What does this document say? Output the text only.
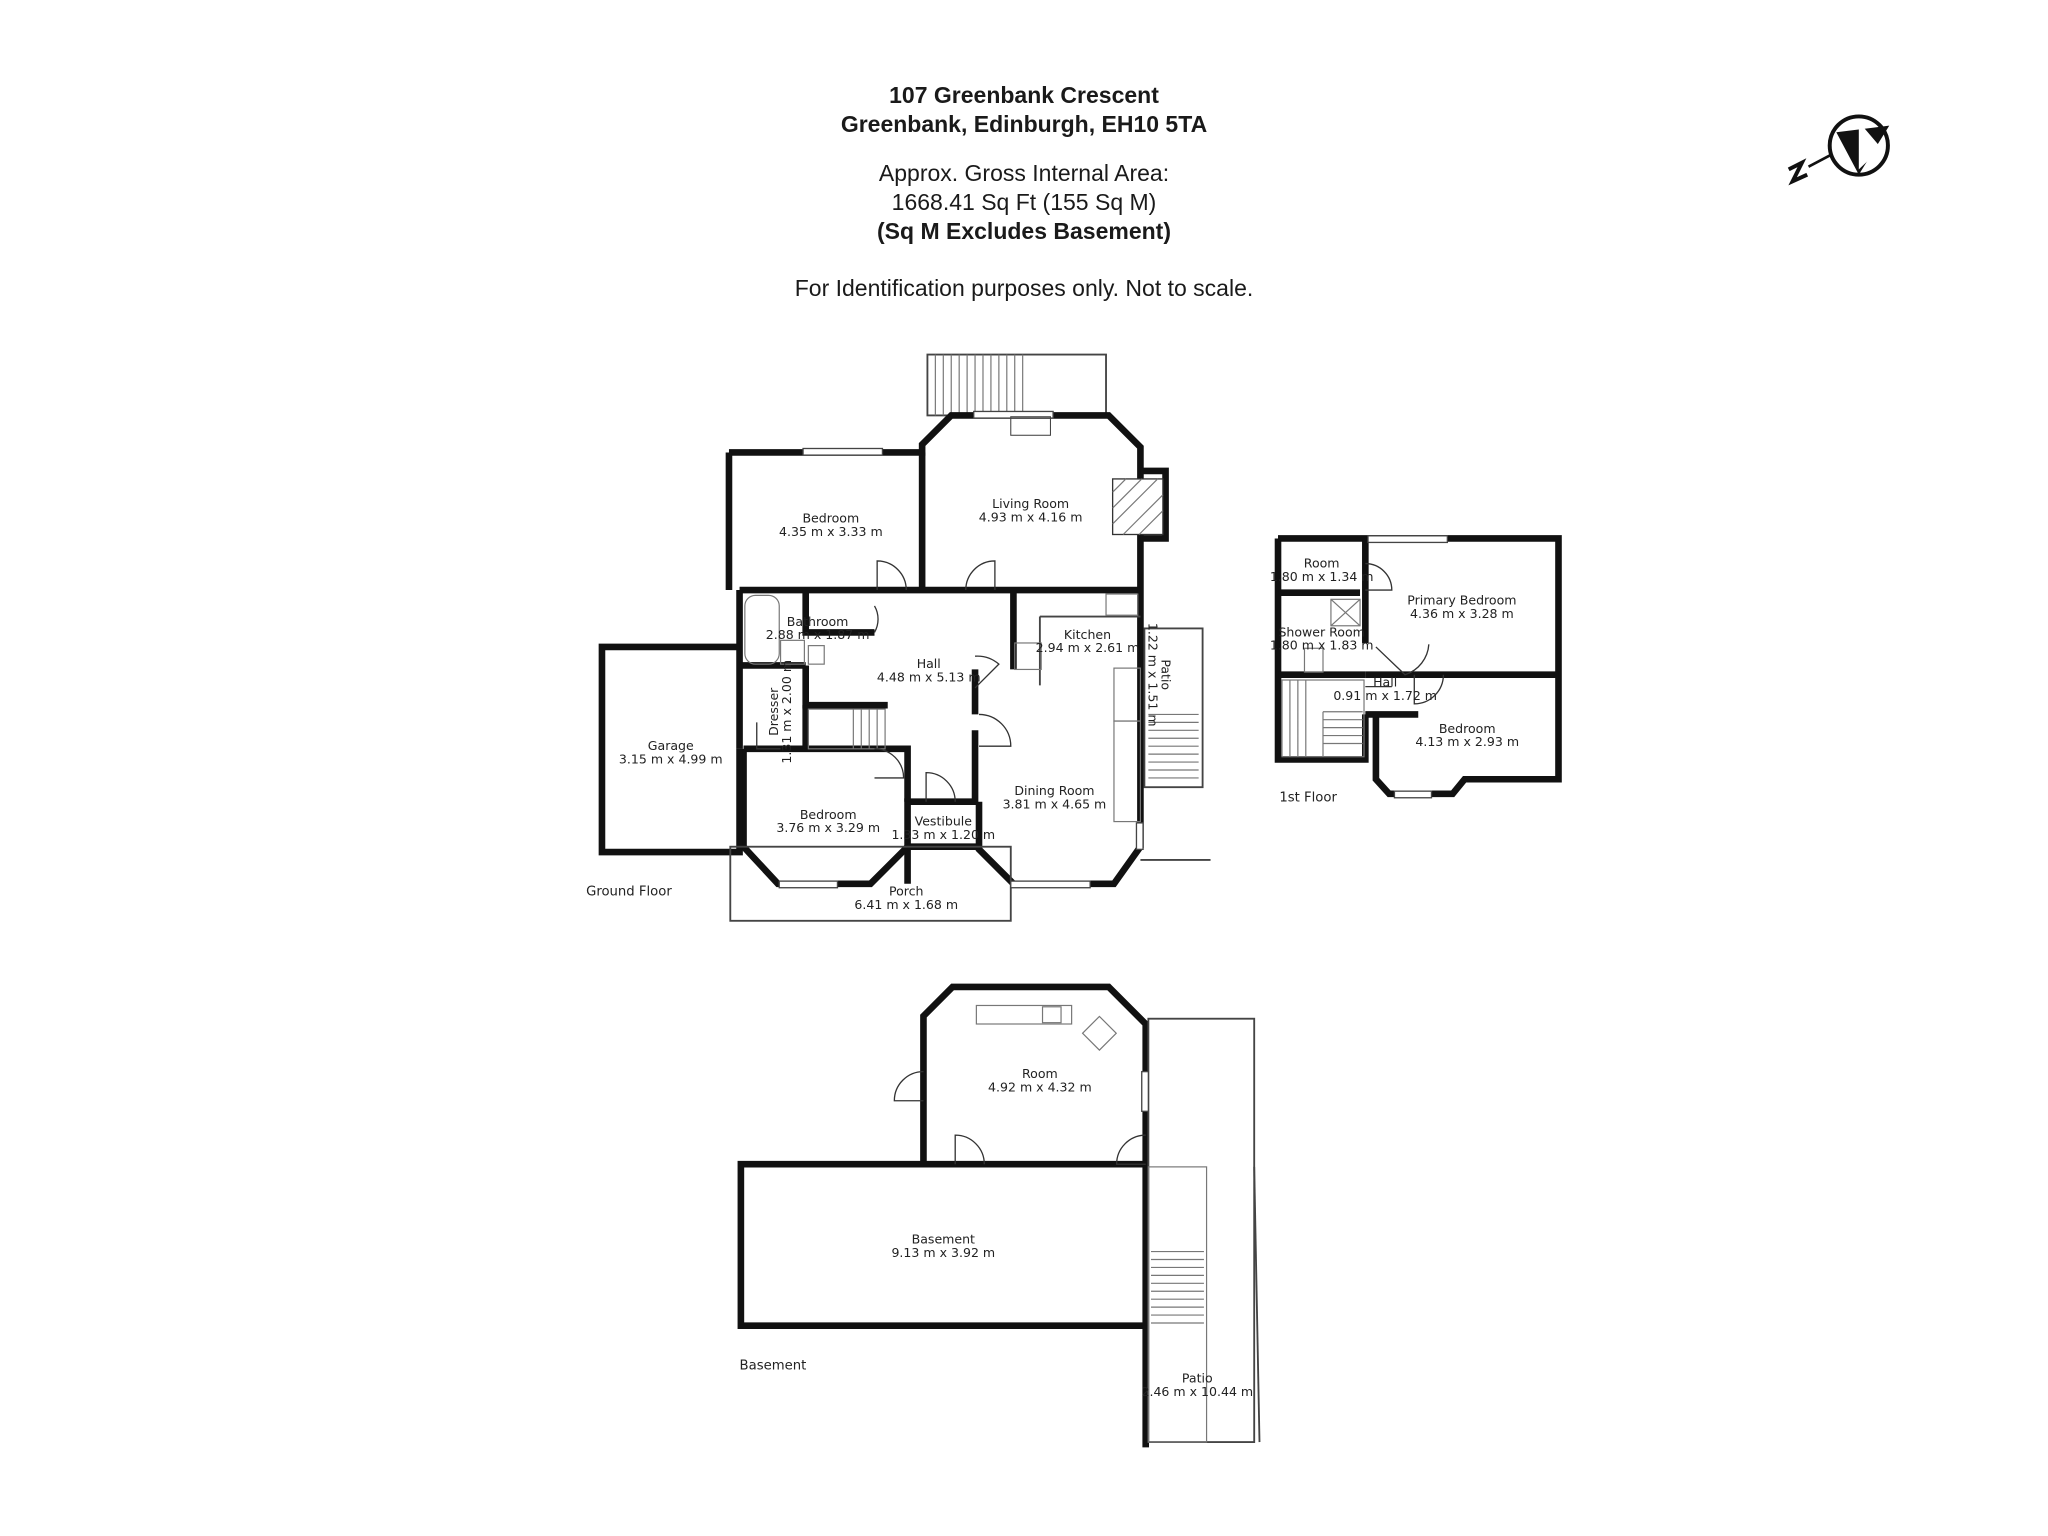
107 Greenbank Crescent
Greenbank, Edinburgh, EH10 5TA
Approx. Gross Internal Area:
1668.41 Sq Ft (155 Sq M)
(Sq M Excludes Basement)
For Identification purposes only. Not to scale.
Bedroom
4.35 m x 3.33 m
Living Room
4.93 m x 4.16 m
Bathroom
2.88 m x 1.87 m
Hall
4.48 m x 5.13 m
Kitchen
2.94 m x 2.61 m
Patio
1.22 m x 1.51 m
Garage
3.15 m x 4.99 m
Dresser
1.31 m x 2.00 m
Bedroom
3.76 m x 3.29 m	Vestibule
1.33 m x 1.20 m
Dining Room
3.81 m x 4.65 m
Porch
6.41 m x 1.68 m
Ground Floor
Room
1.80 m x 1.34 m
Primary Bedroom
4.36 m x 3.28 m
Shower Room
1.80 m x 1.83 m
Hall
0.91 m x 1.72 m
Bedroom
4.13 m x 2.93 m
1st Floor
Room
4.92 m x 4.32 m
Basement
9.13 m x 3.92 m
Patio
2.46 m x 10.44 m
Basement
